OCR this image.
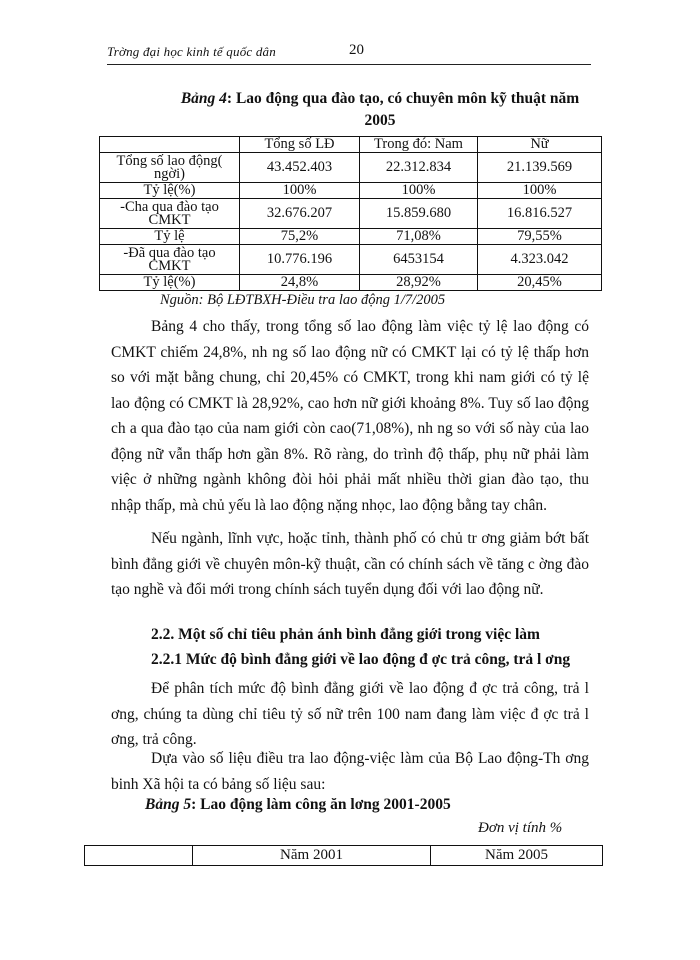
Trờng đại học kinh tế quốc dân	20
Bảng 4: Lao động qua đào tạo, có chuyên môn kỹ thuật năm
2005
	Tổng số LĐ	Trong đó: Nam	Nữ
Tổng số lao động( ngời)	43.452.403	22.312.834	21.139.569
Tỷ lệ(%)	100%	100%	100%
-Cha qua đào tạo CMKT	32.676.207	15.859.680	16.816.527
Tỷ lệ	75,2%	71,08%	79,55%
-Đã qua đào tạo CMKT	10.776.196	6453154	4.323.042
Tỷ lệ(%)	24,8%	28,92%	20,45%
Nguồn: Bộ LĐTBXH-Điều tra lao động 1/7/2005
Bảng 4 cho thấy, trong tổng số lao động làm việc tỷ lệ lao động có CMKT chiếm 24,8%, nh ng số lao động nữ có CMKT lại có tỷ lệ thấp hơn so với mặt bằng chung, chỉ 20,45% có CMKT, trong khi nam giới có tỷ lệ lao động có CMKT là 28,92%, cao hơn nữ giới khoảng 8%. Tuy số lao động ch a qua đào tạo của nam giới còn cao(71,08%), nh ng so với số này của lao động nữ vẫn thấp hơn gần 8%. Rõ ràng, do trình độ thấp, phụ nữ phải làm việc ở những ngành không đòi hỏi phải mất nhiều thời gian đào tạo, thu nhập thấp, mà chủ yếu là lao động nặng nhọc, lao động bằng tay chân.
Nếu ngành, lĩnh vực, hoặc tỉnh, thành phố có chủ tr ơng giảm bớt bất bình đẳng giới về chuyên môn-kỹ thuật, cần có chính sách về tăng c ờng đào tạo nghề và đổi mới trong chính sách tuyển dụng đối với lao động nữ.
2.2. Một số chỉ tiêu phản ánh bình đẳng giới trong việc làm
2.2.1 Mức độ bình đẳng giới về lao động đ ợc trả công, trả l ơng
Để phân tích mức độ bình đẳng giới về lao động đ ợc trả công, trả l ơng, chúng ta dùng chỉ tiêu tỷ số nữ trên 100 nam đang làm việc đ ợc trả l ơng, trả công.
Dựa vào số liệu điều tra lao động-việc làm của Bộ Lao động-Th ơng binh Xã hội ta có bảng số liệu sau:
Bảng 5: Lao động làm công ăn lơng 2001-2005
Đơn vị tính %
	Năm 2001	Năm 2005
